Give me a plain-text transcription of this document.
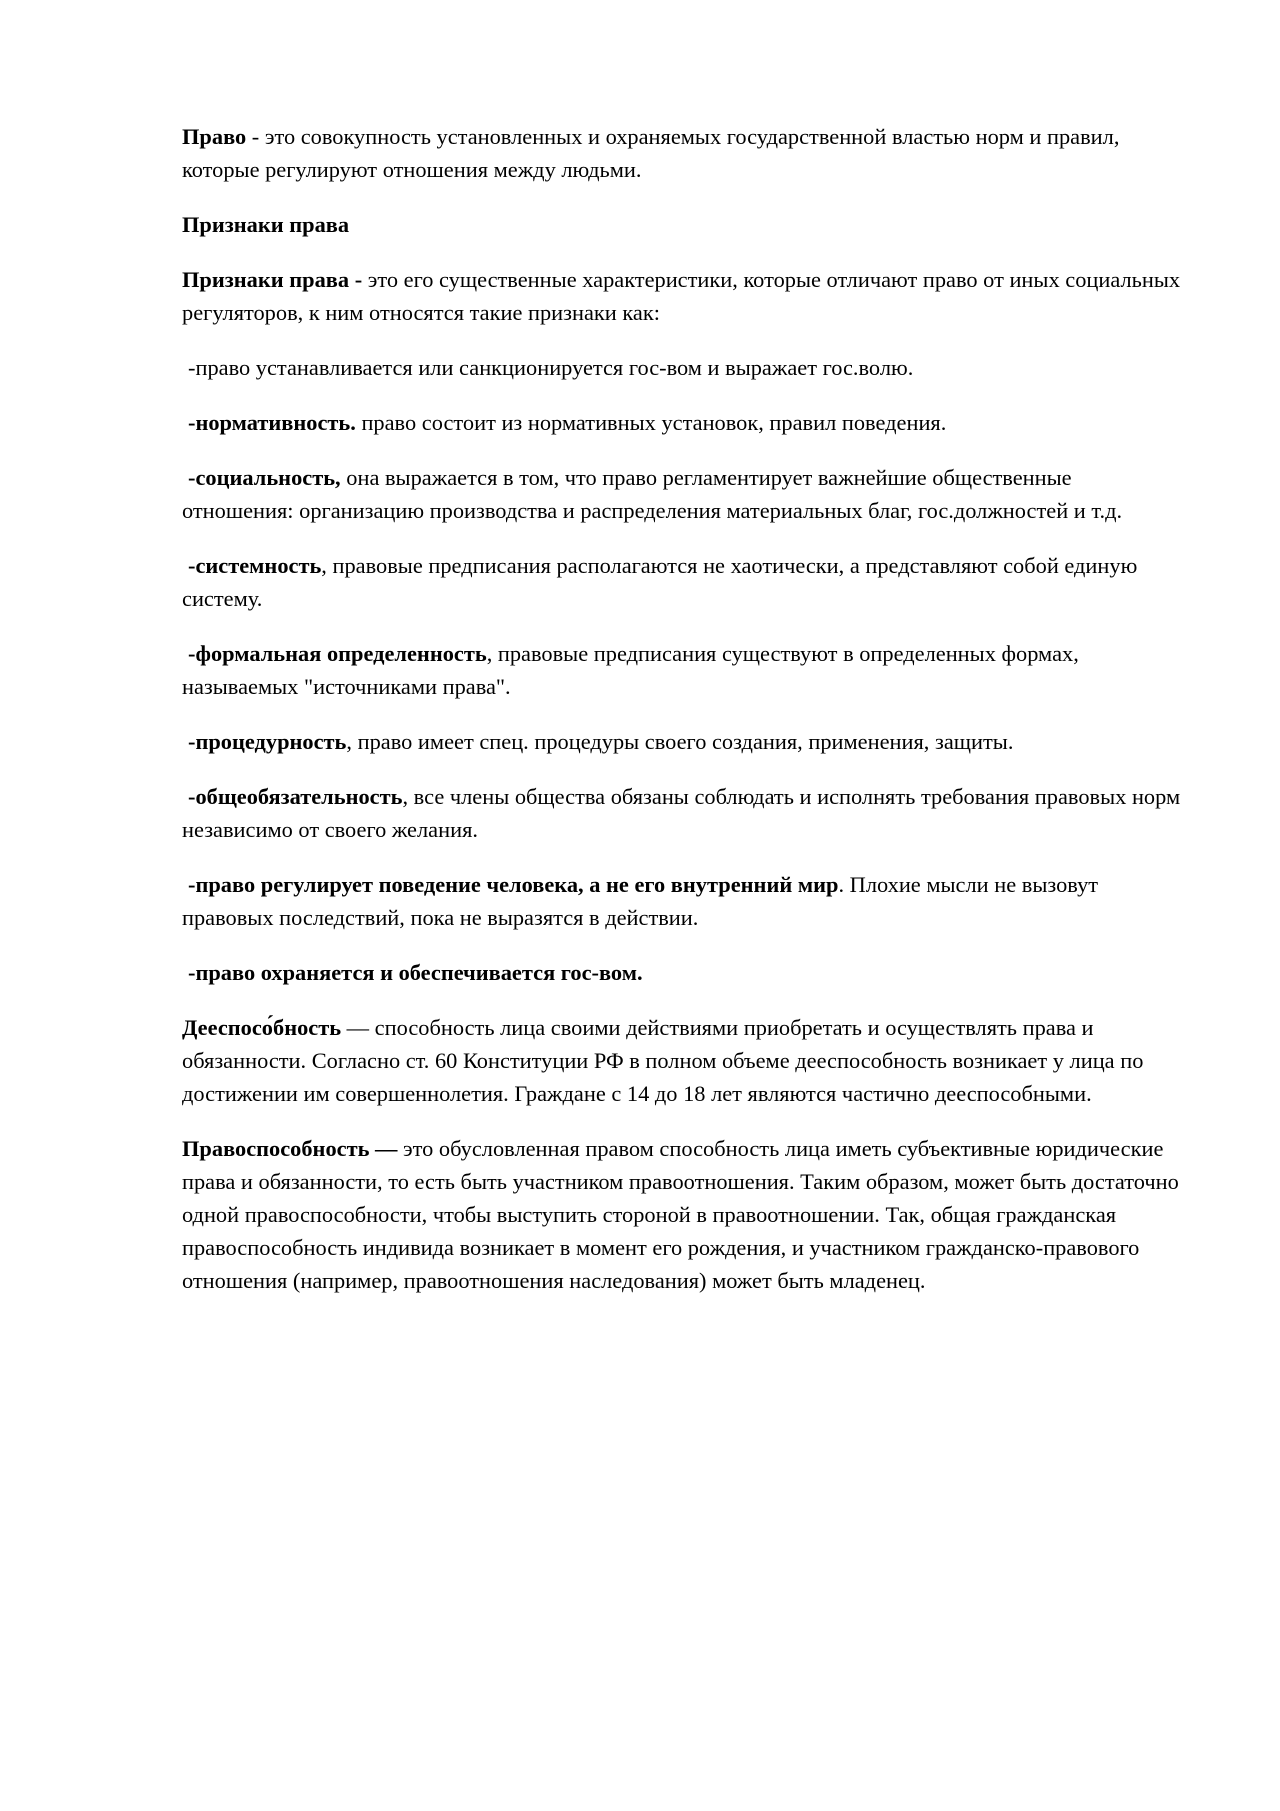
Право - это совокупность установленных и охраняемых государственной властью норм и правил, которые регулируют отношения между людьми.

Признаки права

Признаки права - это его существенные характеристики, которые отличают право от иных социальных регуляторов, к ним относятся такие признаки как:

-право устанавливается или санкционируется гос-вом и выражает гос.волю.

-нормативность. право состоит из нормативных установок, правил поведения.

-социальность, она выражается в том, что право регламентирует важнейшие общественные отношения: организацию производства и распределения материальных благ, гос.должностей и т.д.

-системность, правовые предписания располагаются не хаотически, а представляют собой единую систему.

-формальная определенность, правовые предписания существуют в определенных формах, называемых "источниками права".

-процедурность, право имеет спец. процедуры своего создания, применения, защиты.

-общеобязательность, все члены общества обязаны соблюдать и исполнять требования правовых норм независимо от своего желания.

-право регулирует поведение человека, а не его внутренний мир. Плохие мысли не вызовут правовых последствий, пока не выразятся в действии.

-право охраняется и обеспечивается гос-вом.

Дееспосо́бность — способность лица своими действиями приобретать и осуществлять права и обязанности. Согласно ст. 60 Конституции РФ в полном объеме дееспособность возникает у лица по достижении им совершеннолетия. Граждане с 14 до 18 лет являются частично дееспособными.

Правоспособность — это обусловленная правом способность лица иметь субъективные юридические права и обязанности, то есть быть участником правоотношения. Таким образом, может быть достаточно одной правоспособности, чтобы выступить стороной в правоотношении. Так, общая гражданская правоспособность индивида возникает в момент его рождения, и участником гражданско-правового отношения (например, правоотношения наследования) может быть младенец.
